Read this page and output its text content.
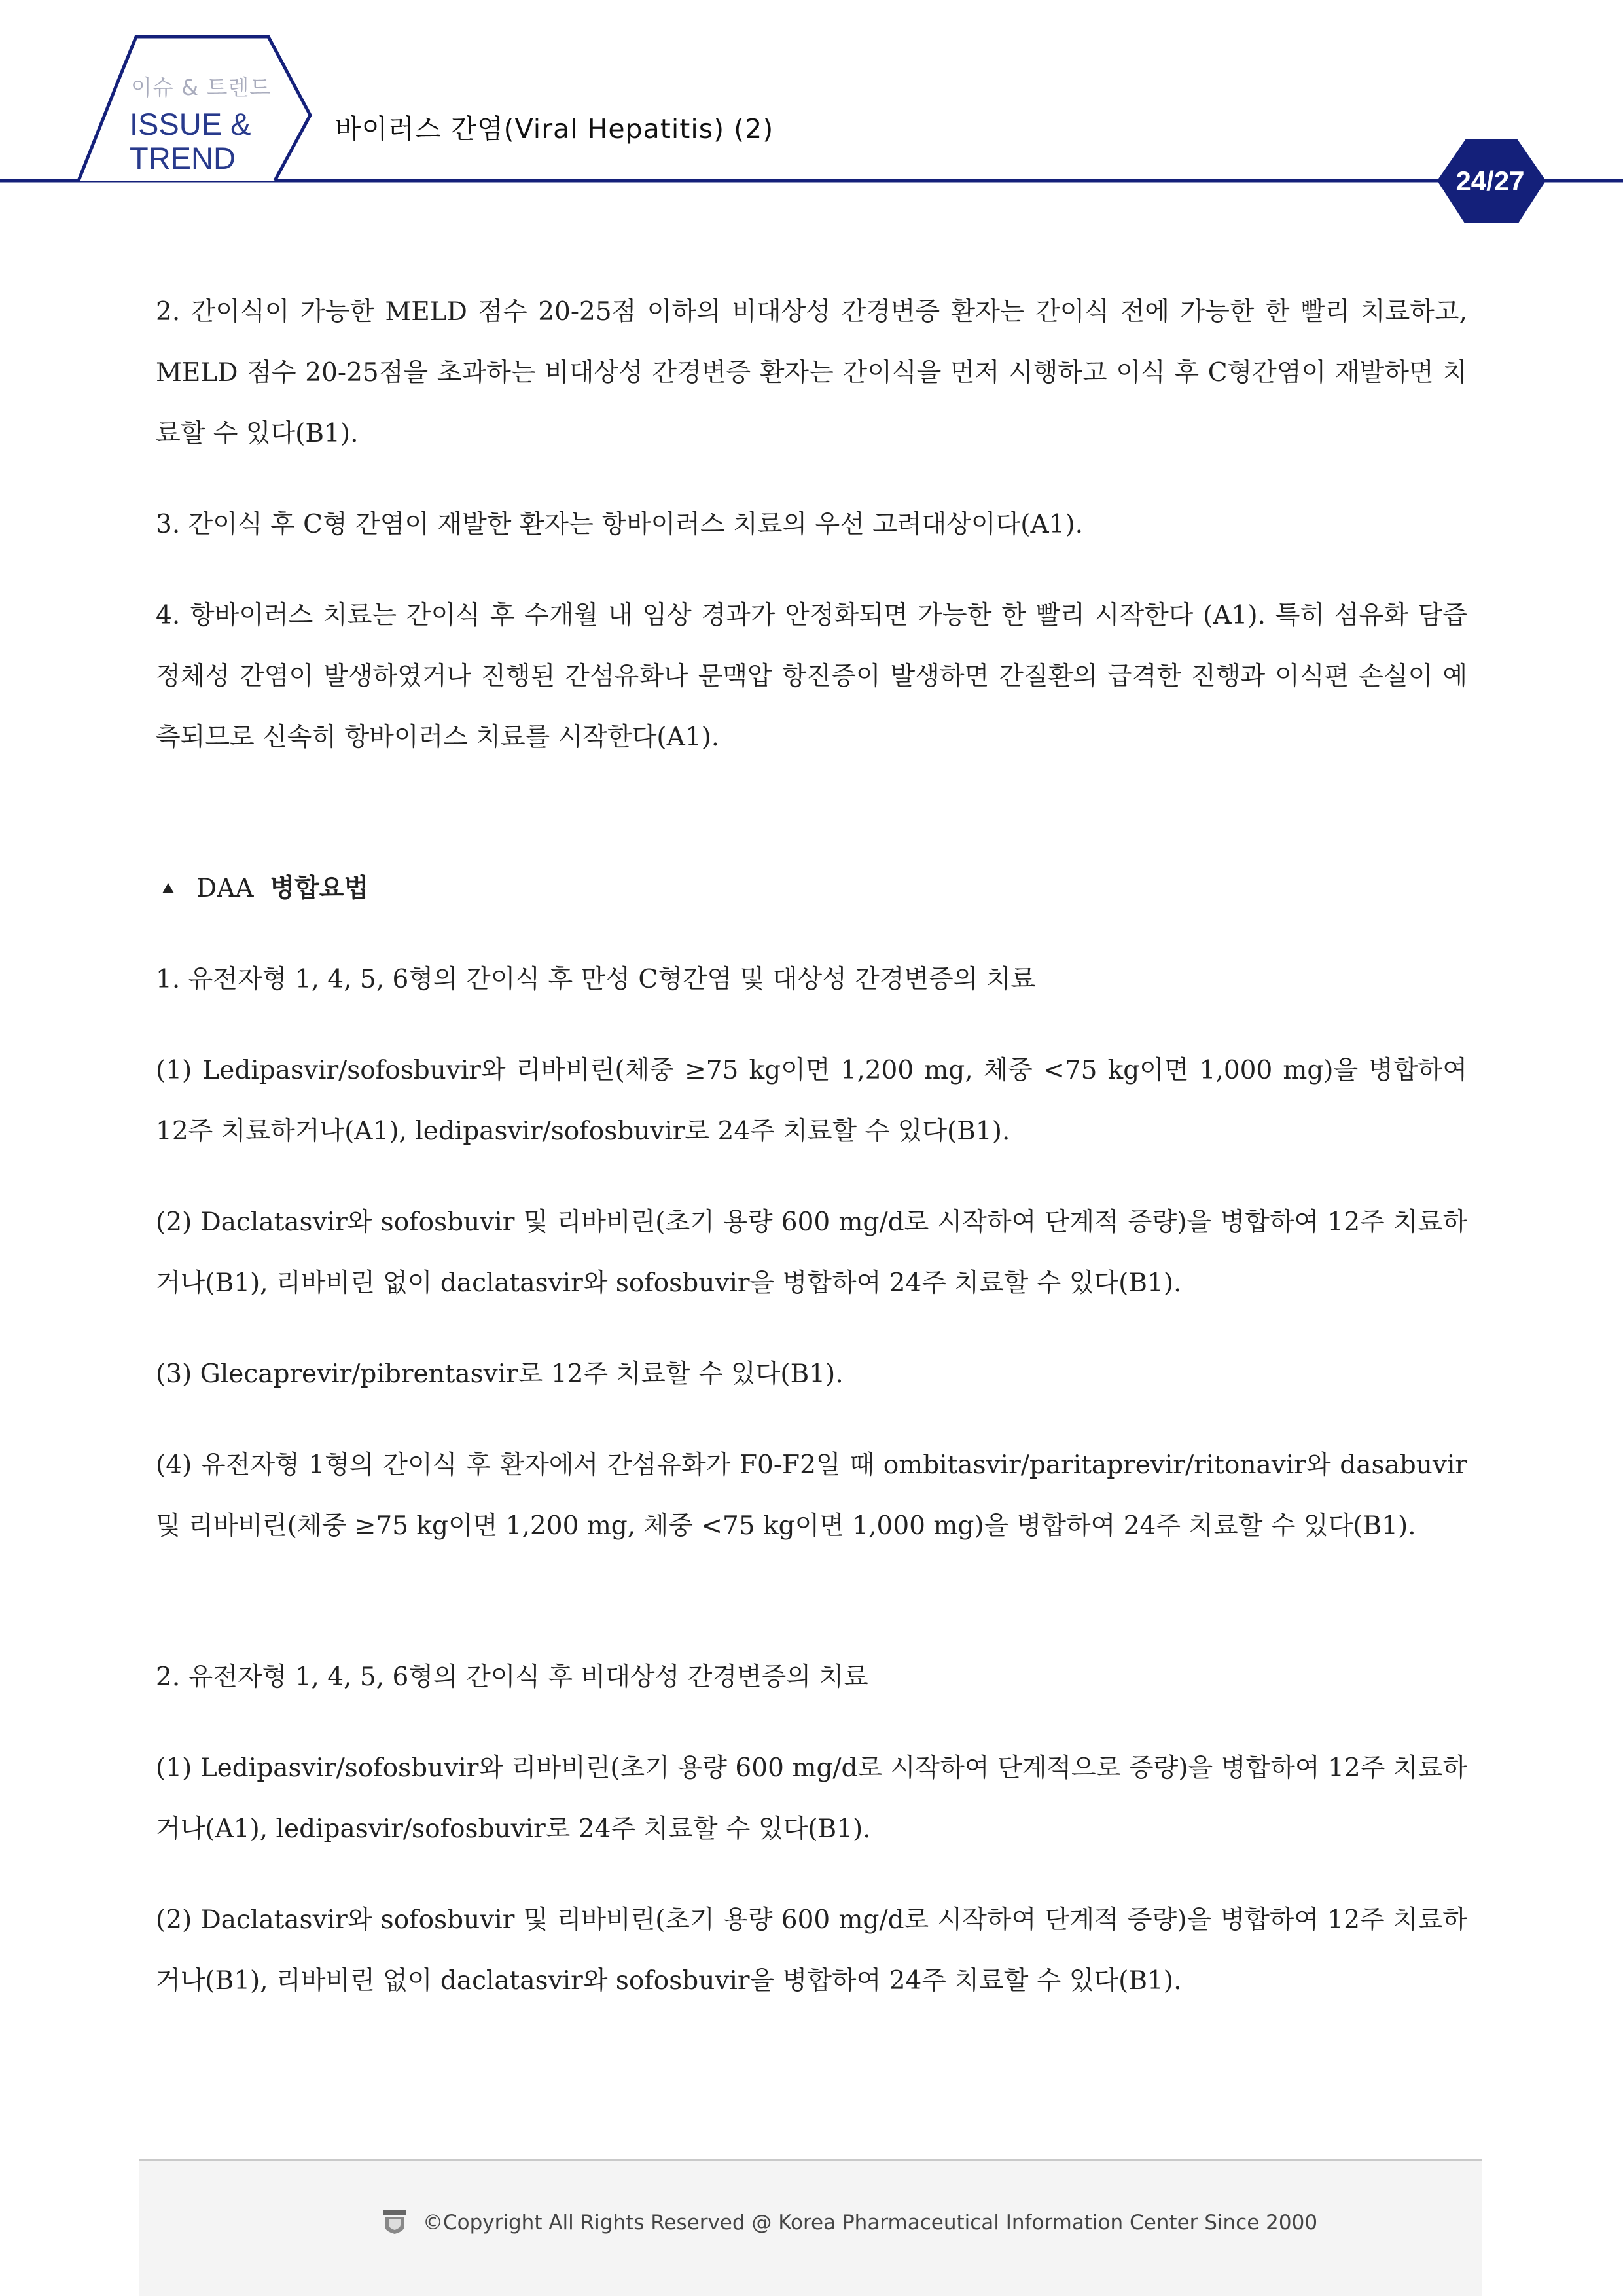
이슈 & 트렌드
ISSUE &
TREND
바이러스 간염(Viral Hepatitis) (2)
24/27

2. 간이식이 가능한 MELD 점수 20-25점 이하의 비대상성 간경변증 환자는 간이식 전에 가능한 한 빨리 치료하고, MELD 점수 20-25점을 초과하는 비대상성 간경변증 환자는 간이식을 먼저 시행하고 이식 후 C형간염이 재발하면 치료할 수 있다(B1).

3. 간이식 후 C형 간염이 재발한 환자는 항바이러스 치료의 우선 고려대상이다(A1).

4. 항바이러스 치료는 간이식 후 수개월 내 임상 경과가 안정화되면 가능한 한 빨리 시작한다 (A1). 특히 섬유화 담즙 정체성 간염이 발생하였거나 진행된 간섬유화나 문맥압 항진증이 발생하면 간질환의 급격한 진행과 이식편 손실이 예측되므로 신속히 항바이러스 치료를 시작한다(A1).

DAA 병합요법

1. 유전자형 1, 4, 5, 6형의 간이식 후 만성 C형간염 및 대상성 간경변증의 치료

(1) Ledipasvir/sofosbuvir와 리바비린(체중 ≥75 kg이면 1,200 mg, 체중 <75 kg이면 1,000 mg)을 병합하여 12주 치료하거나(A1), ledipasvir/sofosbuvir로 24주 치료할 수 있다(B1).

(2) Daclatasvir와 sofosbuvir 및 리바비린(초기 용량 600 mg/d로 시작하여 단계적 증량)을 병합하여 12주 치료하거나(B1), 리바비린 없이 daclatasvir와 sofosbuvir을 병합하여 24주 치료할 수 있다(B1).

(3) Glecaprevir/pibrentasvir로 12주 치료할 수 있다(B1).

(4) 유전자형 1형의 간이식 후 환자에서 간섬유화가 F0-F2일 때 ombitasvir/paritaprevir/ritonavir와 dasabuvir 및 리바비린(체중 ≥75 kg이면 1,200 mg, 체중 <75 kg이면 1,000 mg)을 병합하여 24주 치료할 수 있다(B1).

2. 유전자형 1, 4, 5, 6형의 간이식 후 비대상성 간경변증의 치료

(1) Ledipasvir/sofosbuvir와 리바비린(초기 용량 600 mg/d로 시작하여 단계적으로 증량)을 병합하여 12주 치료하거나(A1), ledipasvir/sofosbuvir로 24주 치료할 수 있다(B1).

(2) Daclatasvir와 sofosbuvir 및 리바비린(초기 용량 600 mg/d로 시작하여 단계적 증량)을 병합하여 12주 치료하거나(B1), 리바비린 없이 daclatasvir와 sofosbuvir을 병합하여 24주 치료할 수 있다(B1).

©Copyright All Rights Reserved @ Korea Pharmaceutical Information Center Since 2000
